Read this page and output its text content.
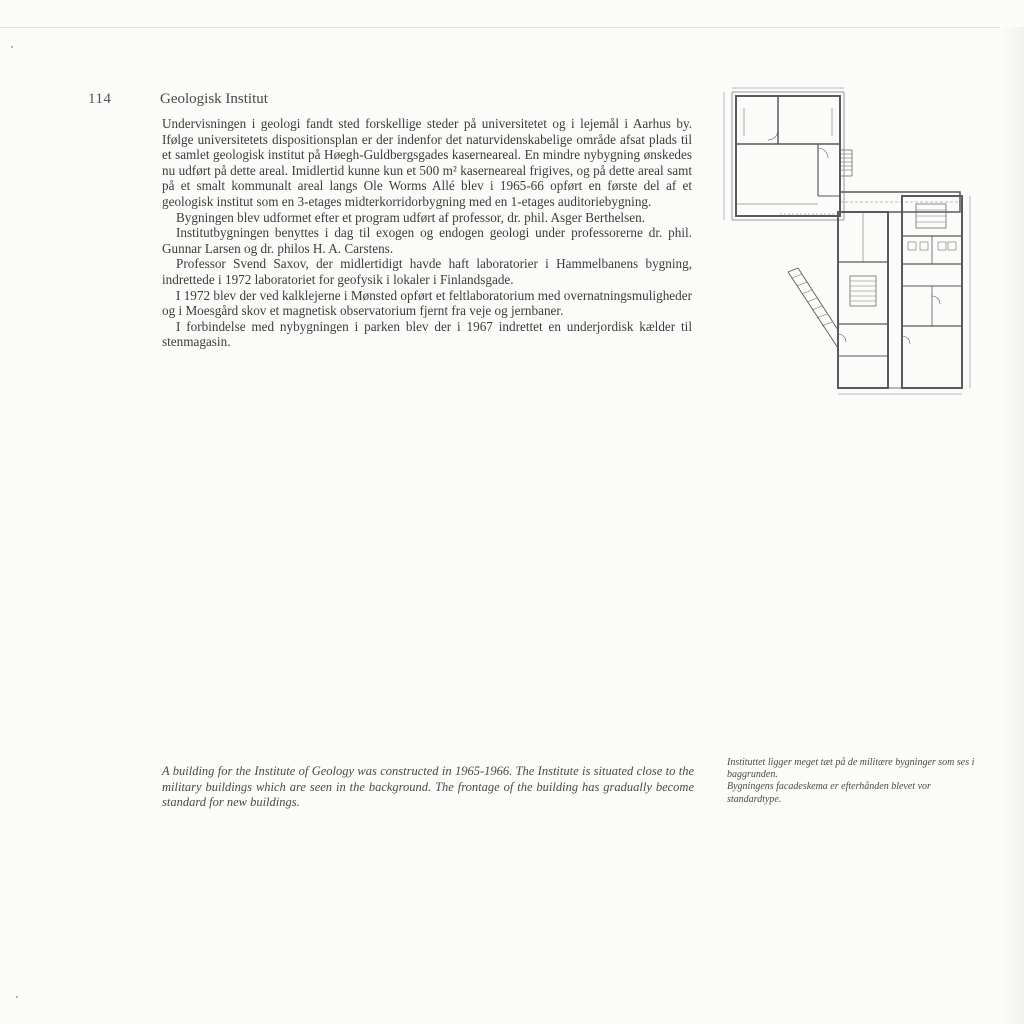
114	Geologisk Institut

Undervisningen i geologi fandt sted forskellige steder på universitetet og i lejemål i Aarhus by. Ifølge universitetets dispositionsplan er der indenfor det naturvidenskabelige område afsat plads til et samlet geologisk institut på Høegh-Guldbergsgades kaserneareal. En mindre nybygning ønskedes nu udført på dette areal. Imidlertid kunne kun et 500 m² kaserneareal frigives, og på dette areal samt på et smalt kommunalt areal langs Ole Worms Allé blev i 1965-66 opført en første del af et geologisk institut som en 3-etages midterkorridorbygning med en 1-etages auditoriebygning.

Bygningen blev udformet efter et program udført af professor, dr. phil. Asger Berthelsen.

Institutbygningen benyttes i dag til exogen og endogen geologi under professorerne dr. phil. Gunnar Larsen og dr. philos H. A. Carstens.

Professor Svend Saxov, der midlertidigt havde haft laboratorier i Hammelbanens bygning, indrettede i 1972 laboratoriet for geofysik i lokaler i Finlandsgade.

I 1972 blev der ved kalklejerne i Mønsted opført et feltlaboratorium med overnatningsmuligheder og i Moesgård skov et magnetisk observatorium fjernt fra veje og jernbaner.

I forbindelse med nybygningen i parken blev der i 1967 indrettet en underjordisk kælder til stenmagasin.

A building for the Institute of Geology was constructed in 1965-1966. The Institute is situated close to the military buildings which are seen in the background. The frontage of the building has gradually become standard for new buildings.

Instituttet ligger meget tæt på de militære bygninger som ses i baggrunden.

Bygningens facadeskema er efterhånden blevet vor standardtype.
